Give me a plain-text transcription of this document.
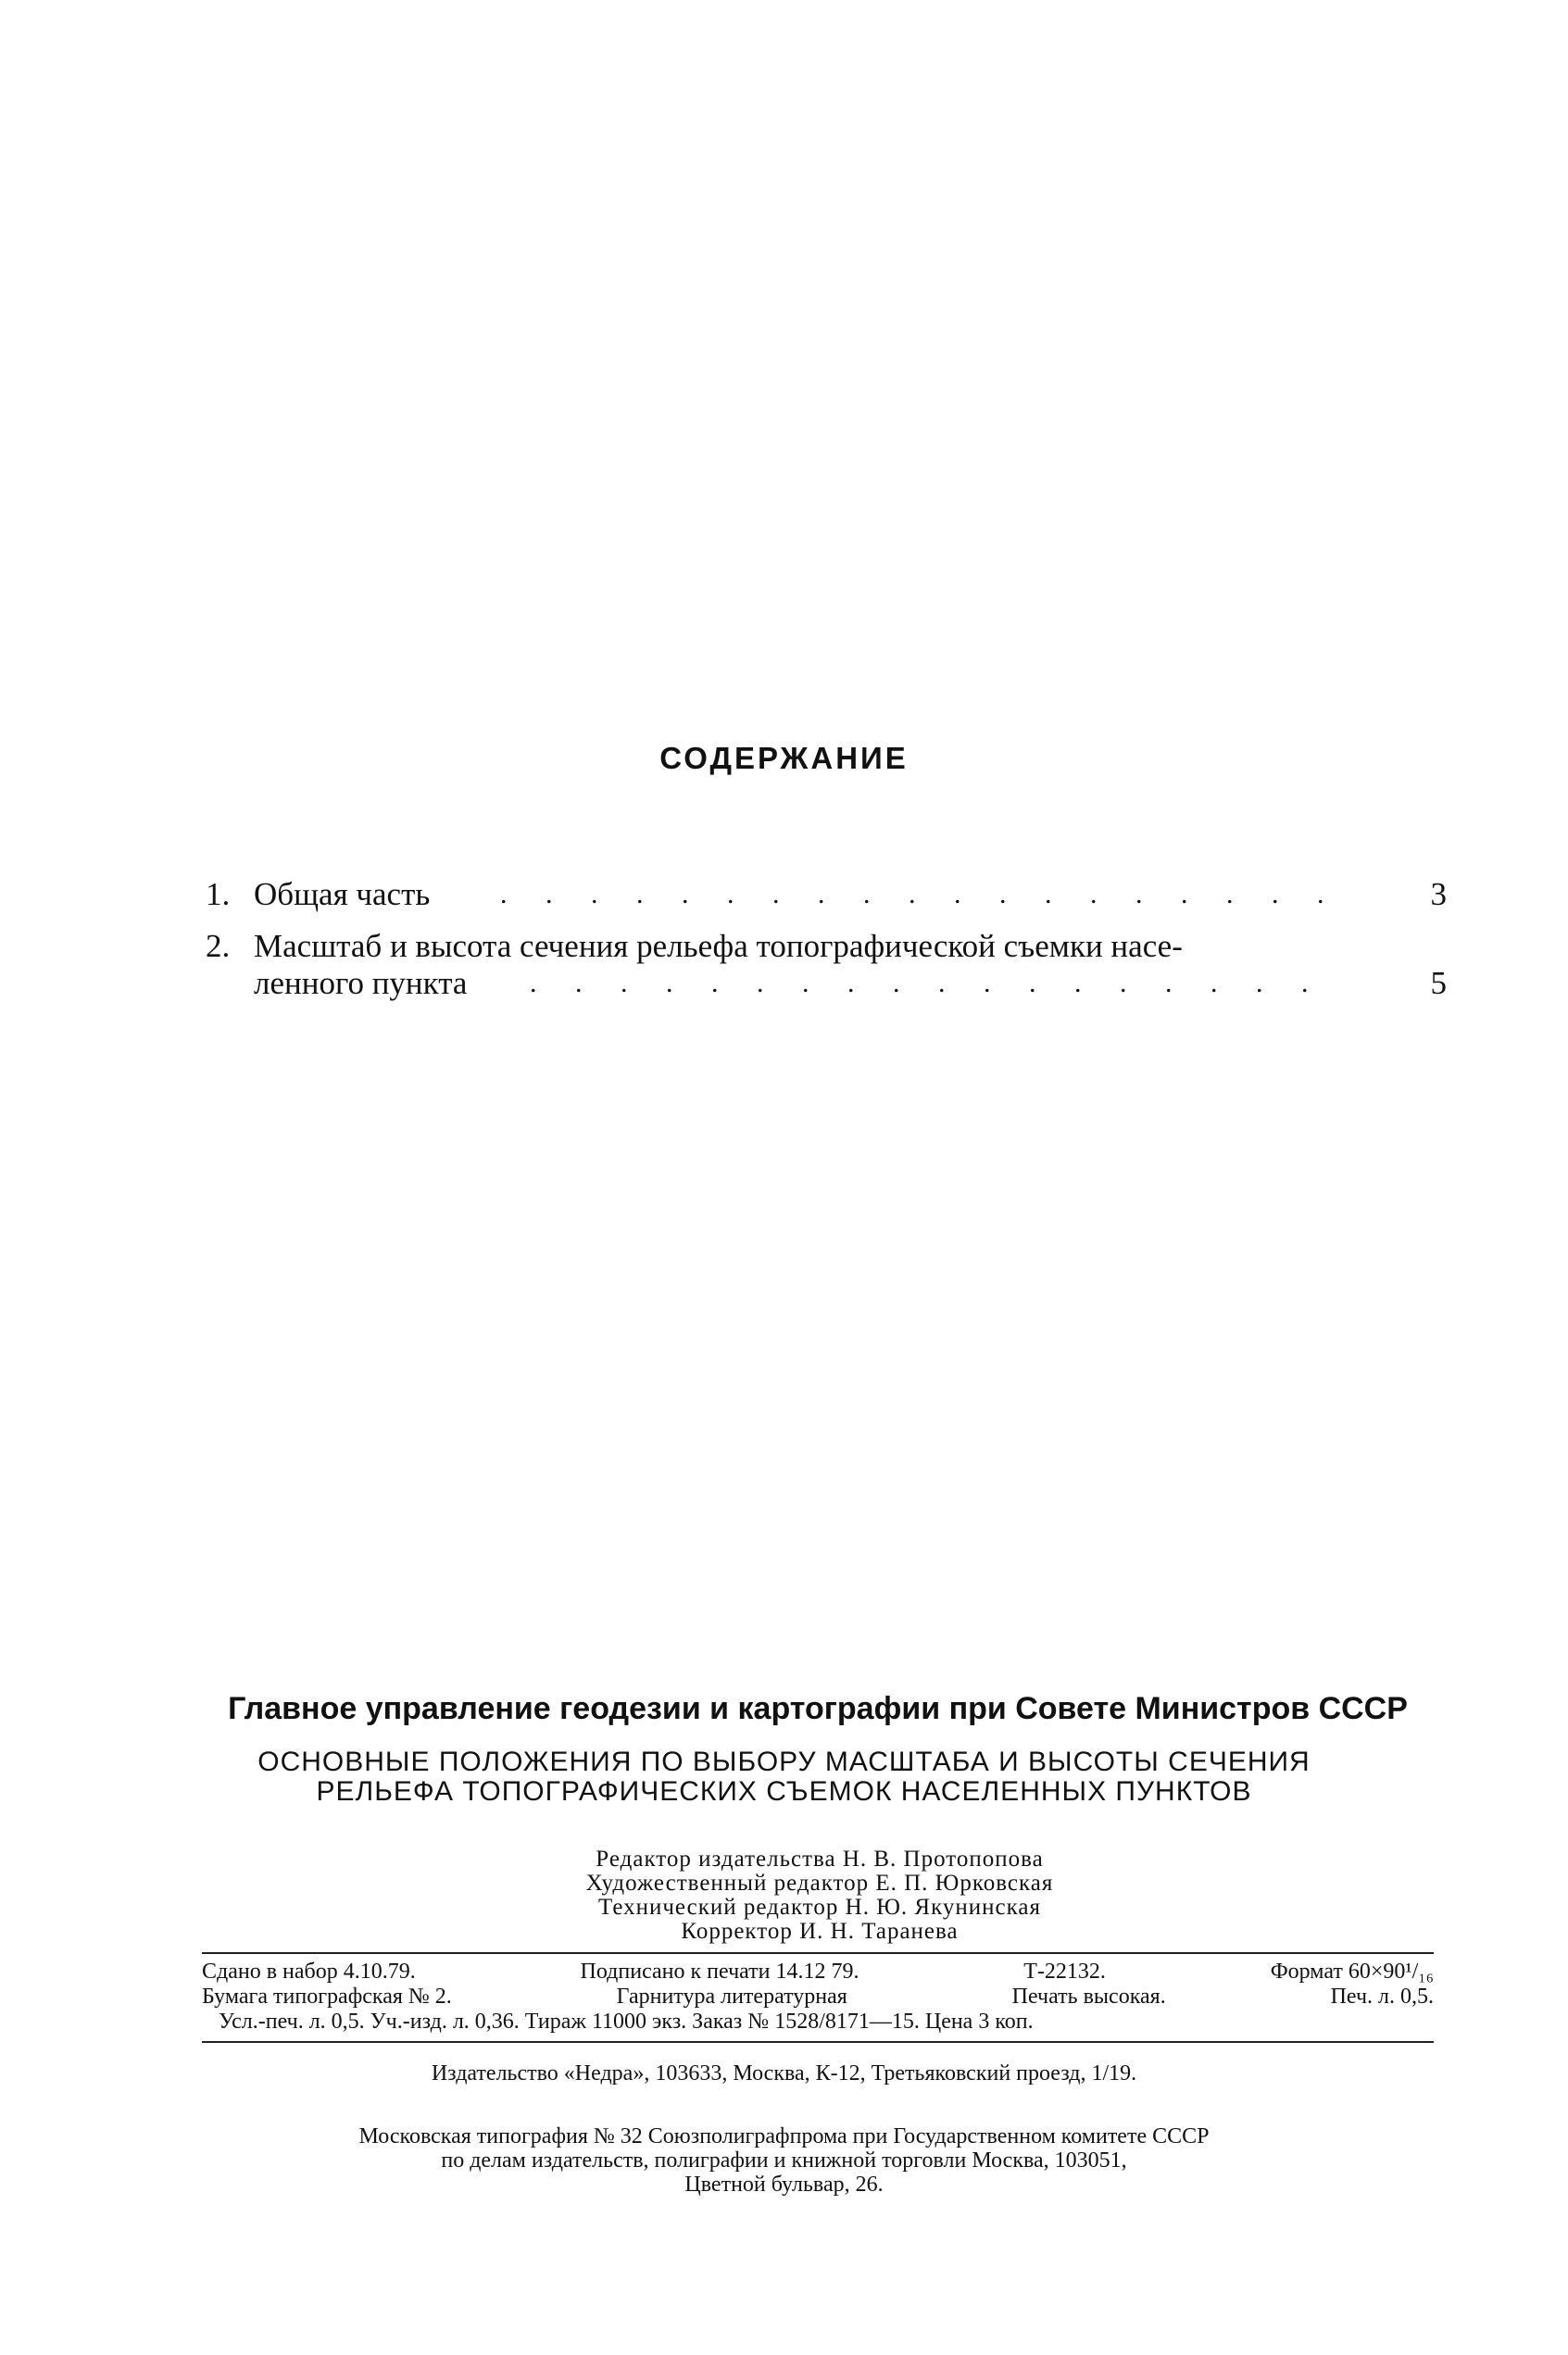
СОДЕРЖАНИЕ
1. Общая часть	. . . . . . . . . . . . . . . . . . .	3
2. Масштаб и высота сечения рельефа топографической съемки насе-
ленного пункта . . . . . . . . . . . . . . . . . .	5
Главное управление геодезии и картографии при Совете Министров СССР
ОСНОВНЫЕ ПОЛОЖЕНИЯ ПО ВЫБОРУ МАСШТАБА И ВЫСОТЫ СЕЧЕНИЯ
РЕЛЬЕФА ТОПОГРАФИЧЕСКИХ СЪЕМОК НАСЕЛЕННЫХ ПУНКТОВ
Редактор издательства Н. В. Протопопова
Художественный редактор Е. П. Юрковская
Технический редактор Н. Ю. Якунинская
Корректор И. Н. Таранева
Сдано в набор 4.10.79.	Подписано к печати 14.12 79.	Т-22132.	Формат 60×90¹/₁₆
Бумага типографская № 2.	Гарнитура литературная	Печать высокая.	Печ. л. 0,5.
Усл.-печ. л. 0,5. Уч.-изд. л. 0,36. Тираж 11000 экз. Заказ № 1528/8171—15. Цена 3 коп.
Издательство «Недра», 103633, Москва, К-12, Третьяковский проезд, 1/19.
Московская типография № 32 Союзполиграфпрома при Государственном комитете СССР
по делам издательств, полиграфии и книжной торговли Москва, 103051,
Цветной бульвар, 26.
